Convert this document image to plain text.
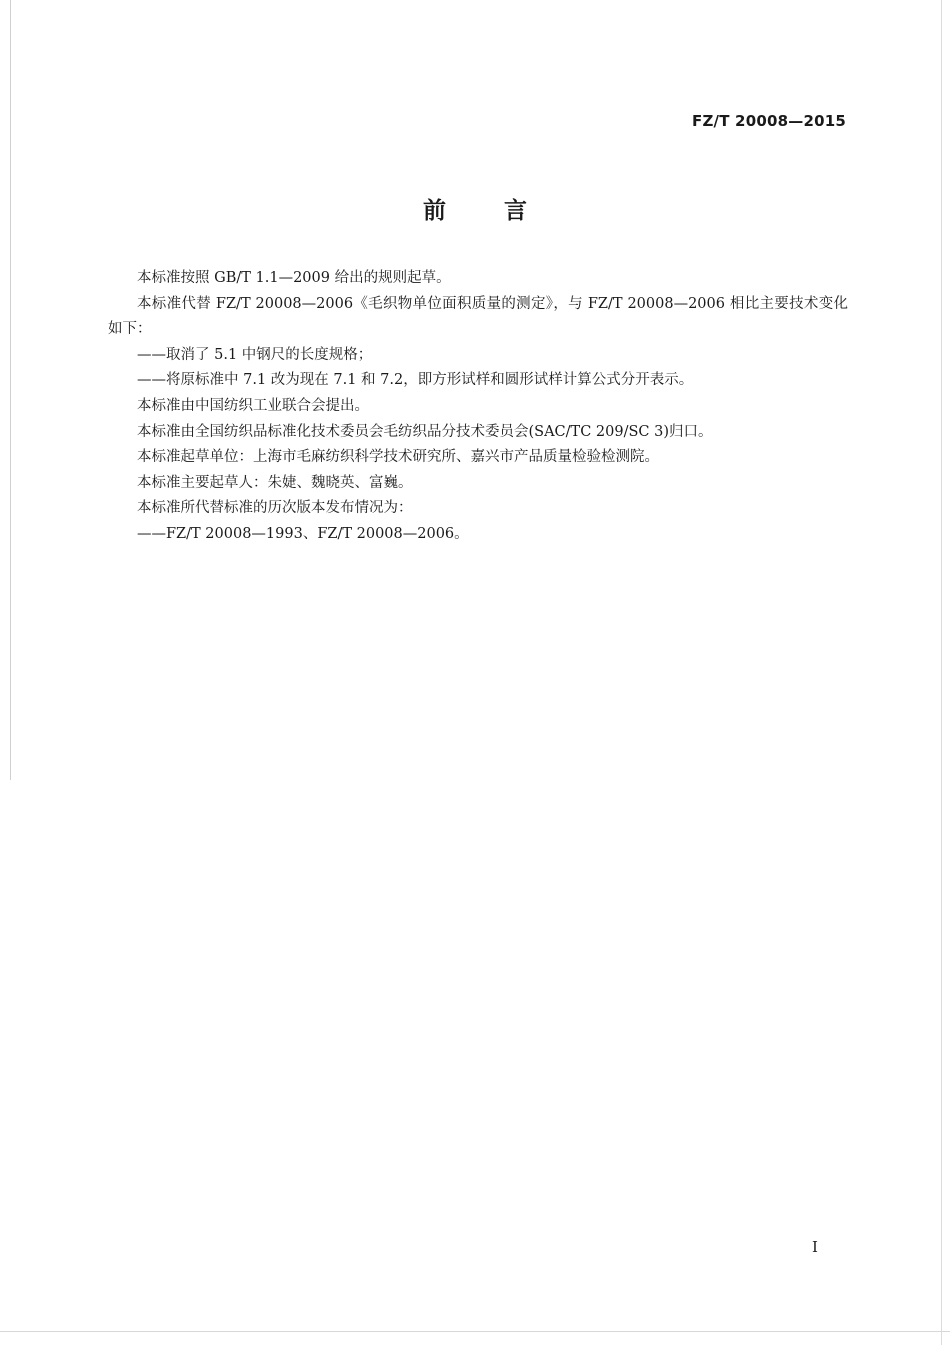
FZ/T 20008—2015
前言

本标准按照 GB/T 1.1—2009 给出的规则起草。

本标准代替 FZ/T 20008—2006《毛织物单位面积质量的测定》，与 FZ/T 20008—2006 相比主要技术变化如下：

——取消了 5.1 中钢尺的长度规格；

——将原标准中 7.1 改为现在 7.1 和 7.2，即方形试样和圆形试样计算公式分开表示。

本标准由中国纺织工业联合会提出。

本标准由全国纺织品标准化技术委员会毛纺织品分技术委员会(SAC/TC 209/SC 3)归口。

本标准起草单位：上海市毛麻纺织科学技术研究所、嘉兴市产品质量检验检测院。

本标准主要起草人：朱婕、魏晓英、富巍。

本标准所代替标准的历次版本发布情况为：

——FZ/T 20008—1993、FZ/T 20008—2006。

I
